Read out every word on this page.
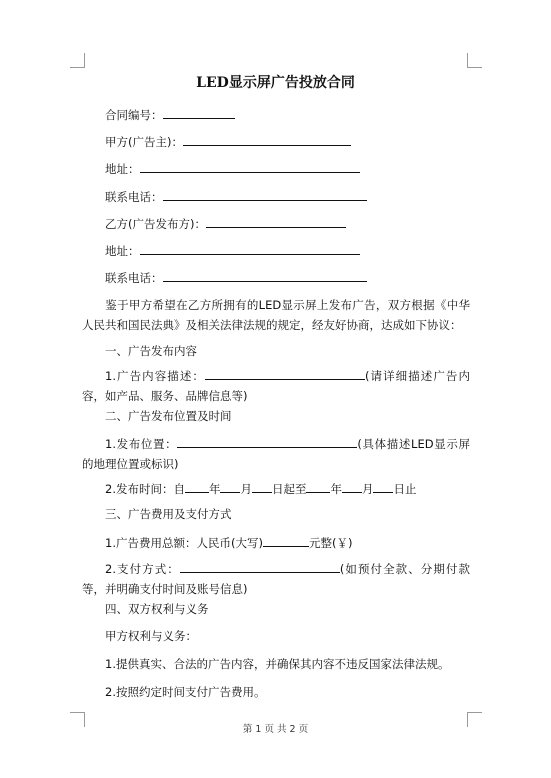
LED显示屏广告投放合同
合同编号：
甲方(广告主)：
地址：
联系电话：
乙方(广告发布方)：
地址：
联系电话：
鉴于甲方希望在乙方所拥有的LED显示屏上发布广告，双方根据《中华人民共和国民法典》及相关法律法规的规定，经友好协商，达成如下协议：
一、广告发布内容
1.广告内容描述：	(请详细描述广告内容，如产品、服务、品牌信息等)
二、广告发布位置及时间
1.发布位置：	(具体描述LED显示屏的地理位置或标识)
2.发布时间：自 年 月 日起至 年 月 日止
三、广告费用及支付方式
1.广告费用总额：人民币(大写)	元整(￥)
2.支付方式：	(如预付全款、分期付款等，并明确支付时间及账号信息)
四、双方权利与义务
甲方权利与义务：
1.提供真实、合法的广告内容，并确保其内容不违反国家法律法规。
2.按照约定时间支付广告费用。
第 1 页 共 2 页
